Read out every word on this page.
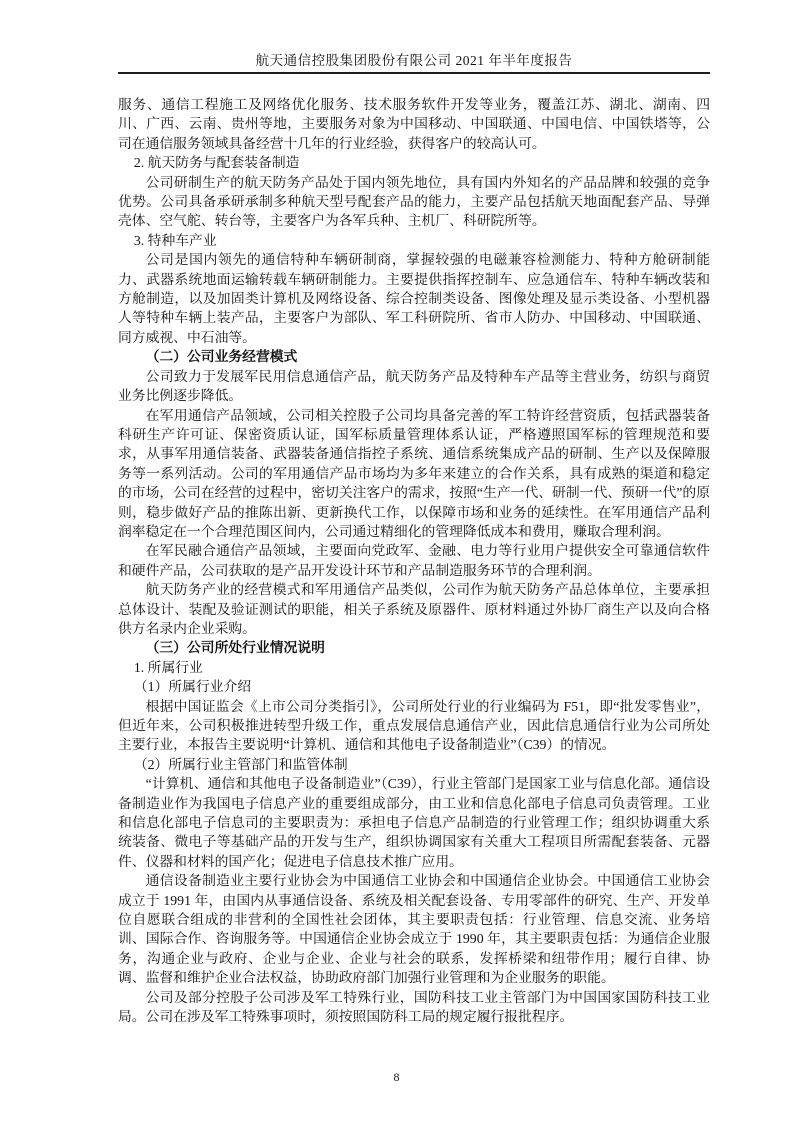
航天通信控股集团股份有限公司 2021 年半年度报告

服务、通信工程施工及网络优化服务、技术服务软件开发等业务，覆盖江苏、湖北、湖南、四川、广西、云南、贵州等地，主要服务对象为中国移动、中国联通、中国电信、中国铁塔等，公司在通信服务领域具备经营十几年的行业经验，获得客户的较高认可。

2. 航天防务与配套装备制造

公司研制生产的航天防务产品处于国内领先地位，具有国内外知名的产品品牌和较强的竞争优势。公司具备承研承制多种航天型号配套产品的能力，主要产品包括航天地面配套产品、导弹壳体、空气舵、转台等，主要客户为各军兵种、主机厂、科研院所等。

3. 特种车产业

公司是国内领先的通信特种车辆研制商，掌握较强的电磁兼容检测能力、特种方舱研制能力、武器系统地面运输转载车辆研制能力。主要提供指挥控制车、应急通信车、特种车辆改装和方舱制造，以及加固类计算机及网络设备、综合控制类设备、图像处理及显示类设备、小型机器人等特种车辆上装产品，主要客户为部队、军工科研院所、省市人防办、中国移动、中国联通、同方威视、中石油等。

（二）公司业务经营模式

公司致力于发展军民用信息通信产品，航天防务产品及特种车产品等主营业务，纺织与商贸业务比例逐步降低。

在军用通信产品领域，公司相关控股子公司均具备完善的军工特许经营资质，包括武器装备科研生产许可证、保密资质认证，国军标质量管理体系认证，严格遵照国军标的管理规范和要求，从事军用通信装备、武器装备通信指控子系统、通信系统集成产品的研制、生产以及保障服务等一系列活动。公司的军用通信产品市场均为多年来建立的合作关系，具有成熟的渠道和稳定的市场，公司在经营的过程中，密切关注客户的需求，按照“生产一代、研制一代、预研一代”的原则，稳步做好产品的推陈出新、更新换代工作，以保障市场和业务的延续性。在军用通信产品利润率稳定在一个合理范围区间内，公司通过精细化的管理降低成本和费用，赚取合理利润。

在军民融合通信产品领域，主要面向党政军、金融、电力等行业用户提供安全可靠通信软件和硬件产品，公司获取的是产品开发设计环节和产品制造服务环节的合理利润。

航天防务产业的经营模式和军用通信产品类似，公司作为航天防务产品总体单位，主要承担总体设计、装配及验证测试的职能，相关子系统及原器件、原材料通过外协厂商生产以及向合格供方名录内企业采购。

（三）公司所处行业情况说明

1. 所属行业

（1）所属行业介绍

根据中国证监会《上市公司分类指引》，公司所处行业的行业编码为 F51，即“批发零售业”，但近年来，公司积极推进转型升级工作，重点发展信息通信产业，因此信息通信行业为公司所处主要行业，本报告主要说明“计算机、通信和其他电子设备制造业”（C39）的情况。

（2）所属行业主管部门和监管体制

“计算机、通信和其他电子设备制造业”（C39），行业主管部门是国家工业与信息化部。通信设备制造业作为我国电子信息产业的重要组成部分，由工业和信息化部电子信息司负责管理。工业和信息化部电子信息司的主要职责为：承担电子信息产品制造的行业管理工作；组织协调重大系统装备、微电子等基础产品的开发与生产，组织协调国家有关重大工程项目所需配套装备、元器件、仪器和材料的国产化；促进电子信息技术推广应用。

通信设备制造业主要行业协会为中国通信工业协会和中国通信企业协会。中国通信工业协会成立于 1991 年，由国内从事通信设备、系统及相关配套设备、专用零部件的研究、生产、开发单位自愿联合组成的非营利的全国性社会团体，其主要职责包括：行业管理、信息交流、业务培训、国际合作、咨询服务等。中国通信企业协会成立于 1990 年，其主要职责包括：为通信企业服务，沟通企业与政府、企业与企业、企业与社会的联系，发挥桥梁和纽带作用；履行自律、协调、监督和维护企业合法权益，协助政府部门加强行业管理和为企业服务的职能。

公司及部分控股子公司涉及军工特殊行业，国防科技工业主管部门为中国国家国防科技工业局。公司在涉及军工特殊事项时，须按照国防科工局的规定履行报批程序。

8
